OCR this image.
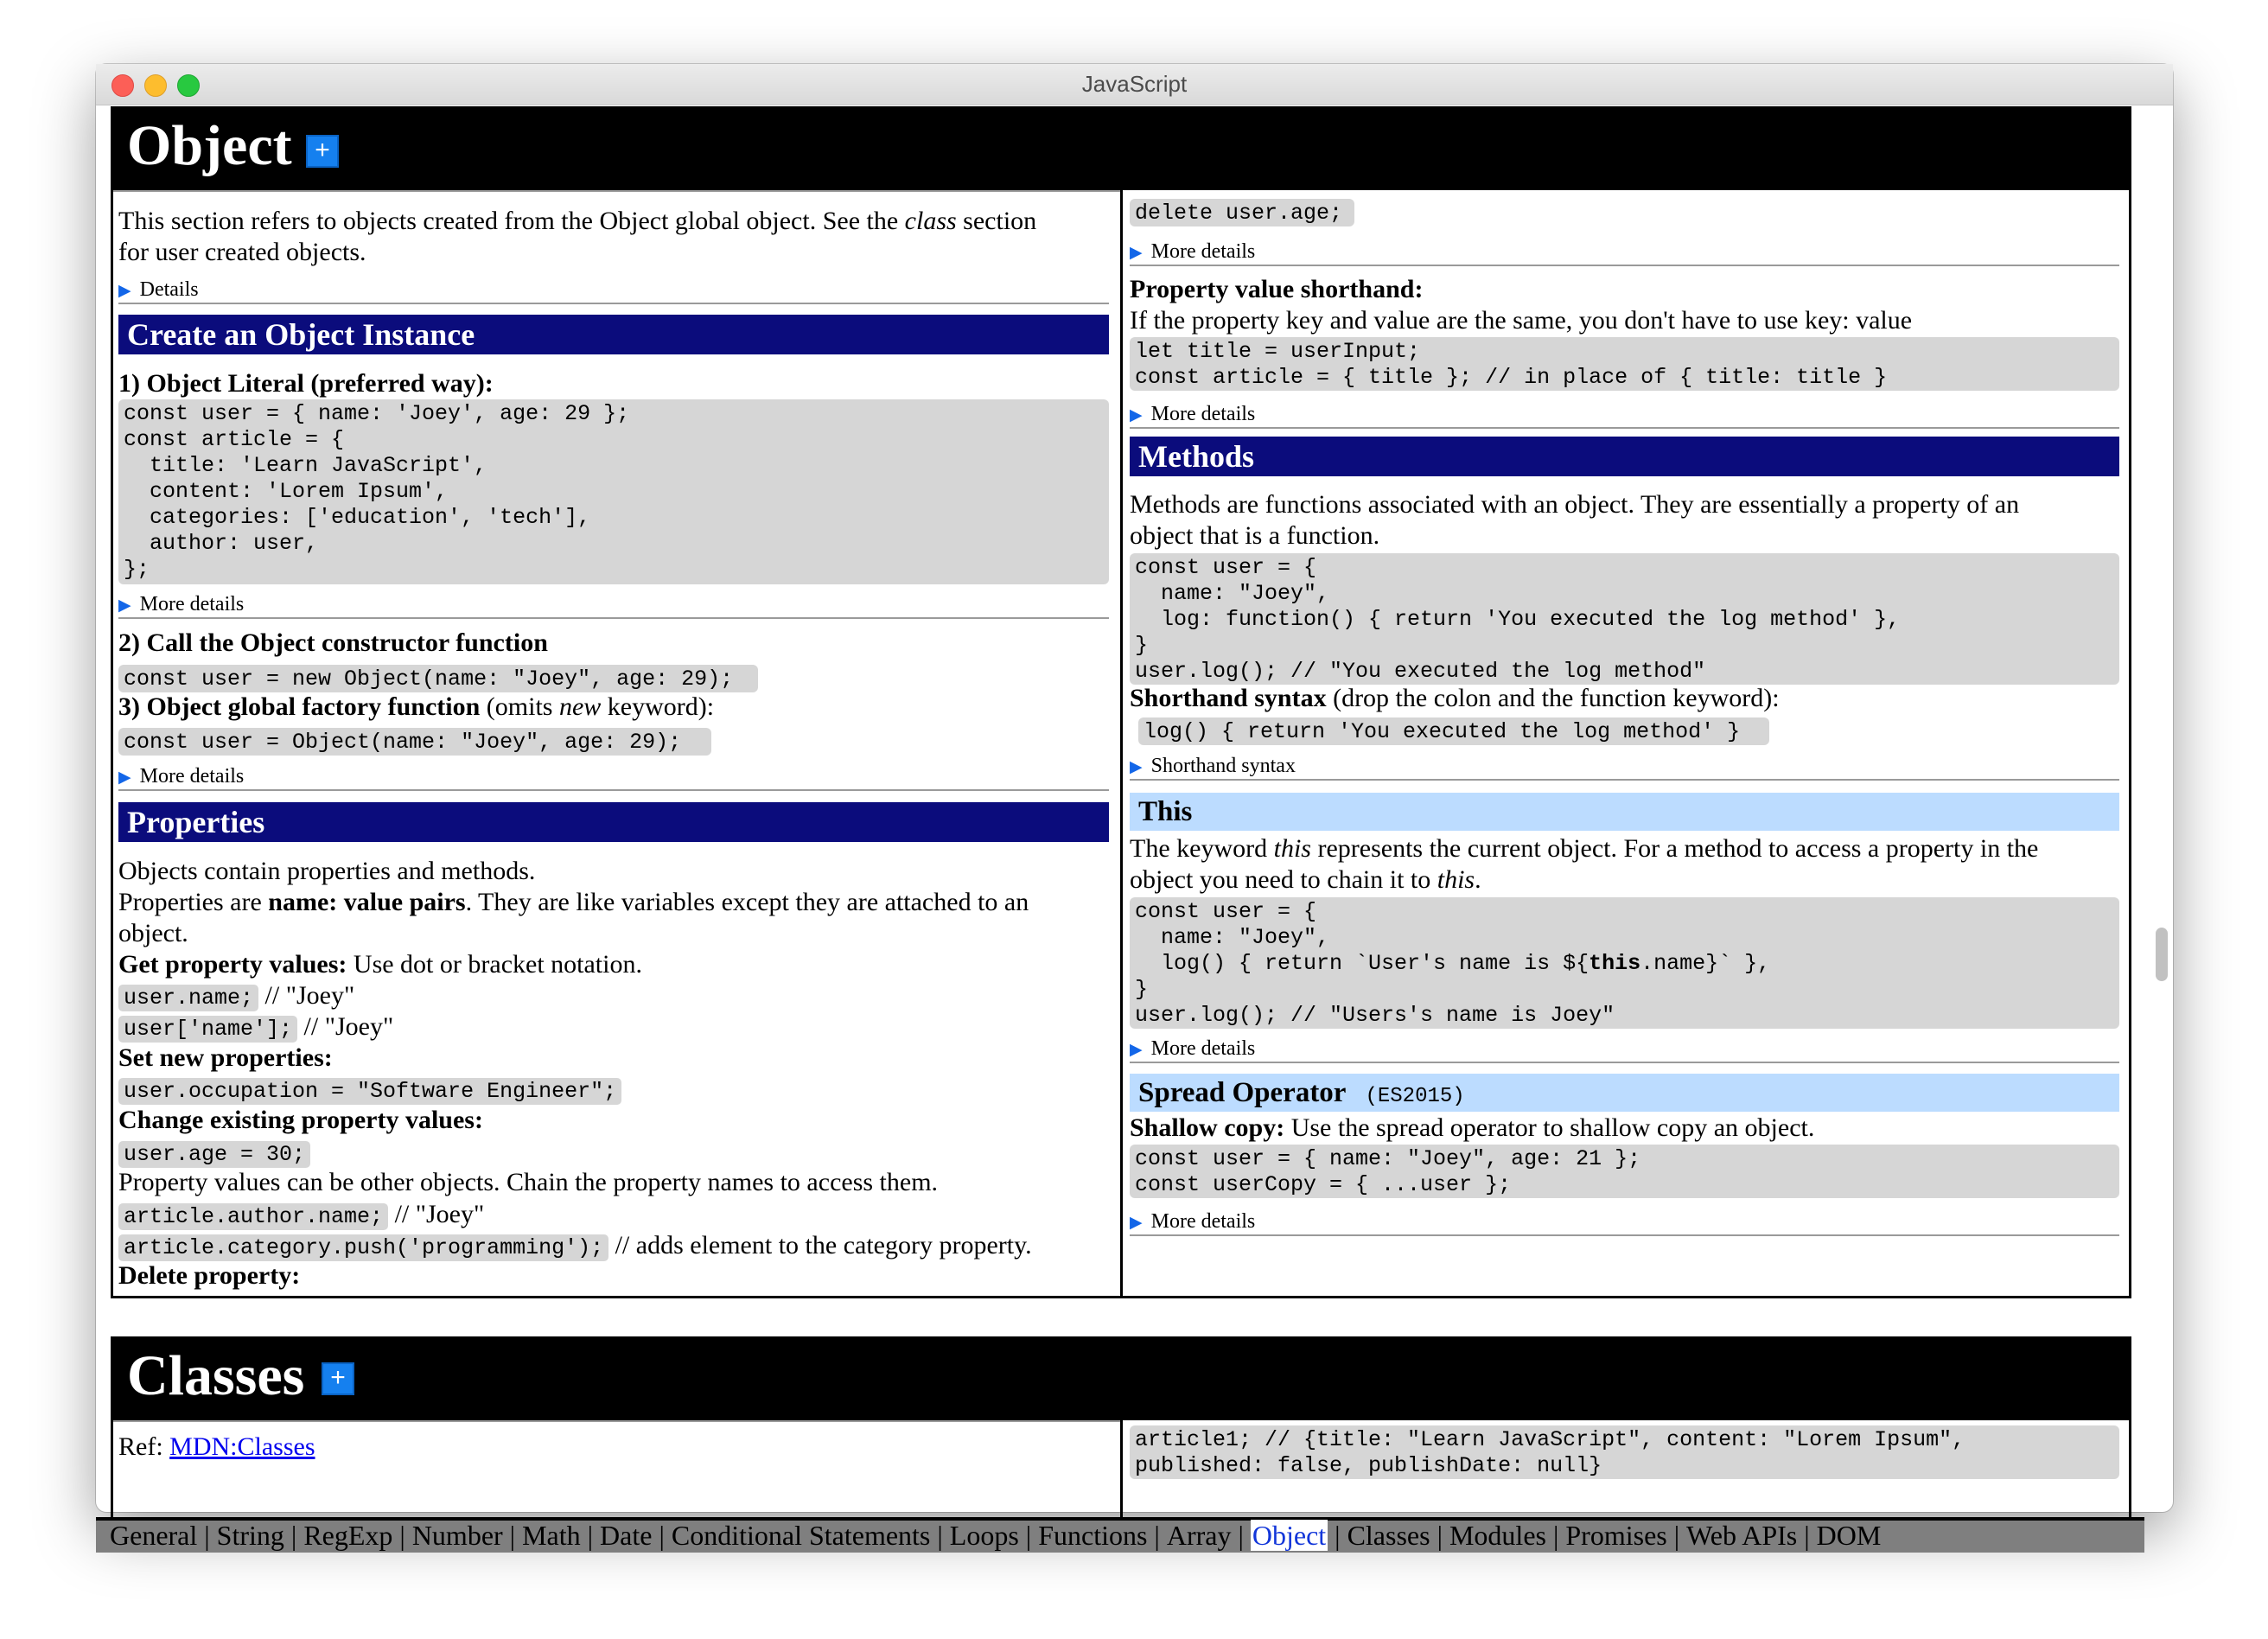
JavaScript
Object +
This section refers to objects created from the Object global object. See the class section
for user created objects.
▶ Details
Create an Object Instance
1) Object Literal (preferred way):
const user = { name: 'Joey', age: 29 };
const article = {
title: 'Learn JavaScript',
content: 'Lorem Ipsum',
categories: ['education', 'tech'],
author: user,
};
▶ More details
2) Call the Object constructor function
const user = new Object(name: "Joey", age: 29);
3) Object global factory function (omits new keyword):
const user = Object(name: "Joey", age: 29);
▶ More details
Properties
Objects contain properties and methods.
Properties are name: value pairs. They are like variables except they are attached to an
object.
Get property values: Use dot or bracket notation.
user.name; // "Joey"
user['name']; // "Joey"
Set new properties:
user.occupation = "Software Engineer";
Change existing property values:
user.age = 30;
Property values can be other objects. Chain the property names to access them.
article.author.name; // "Joey"
article.category.push('programming'); // adds element to the category property.
Delete property:
delete user.age;
▶ More details
Property value shorthand:
If the property key and value are the same, you don't have to use key: value
let title = userInput;
const article = { title }; // in place of { title: title }
▶ More details
Methods
Methods are functions associated with an object. They are essentially a property of an
object that is a function.
const user = {
name: "Joey",
log: function() { return 'You executed the log method' },
}
user.log(); // "You executed the log method"
Shorthand syntax (drop the colon and the function keyword):
log() { return 'You executed the log method' }
▶ Shorthand syntax
This
The keyword this represents the current object. For a method to access a property in the
object you need to chain it to this.
const user = {
name: "Joey",
log() { return `User's name is ${this.name}` },
}
user.log(); // "Users's name is Joey"
▶ More details
Spread Operator (ES2015)
Shallow copy: Use the spread operator to shallow copy an object.
const user = { name: "Joey", age: 21 };
const userCopy = { ...user };
▶ More details
Classes +
Ref: MDN:Classes	article1; // {title: "Learn JavaScript", content: "Lorem Ipsum",
published: false, publishDate: null}
General | String | RegExp | Number | Math | Date | Conditional Statements | Loops | Functions | Array | Object | Classes | Modules | Promises | Web APIs | DOM
